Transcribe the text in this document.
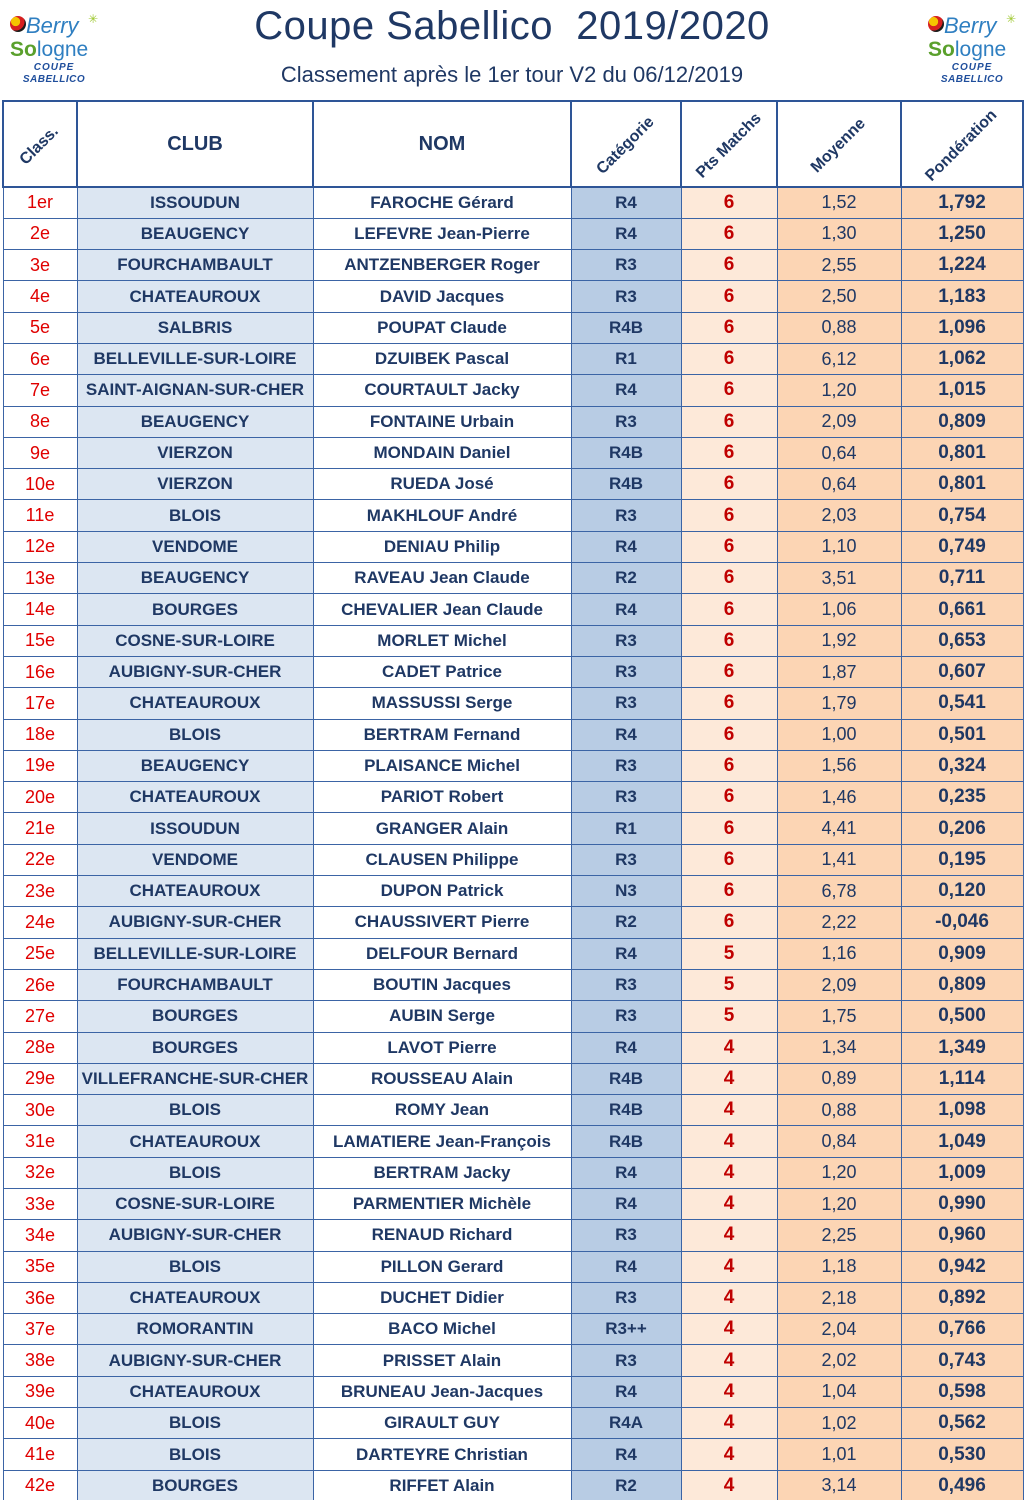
Berry ✳
Sologne
COUPE
SABELLICO
Coupe Sabellico  2019/2020
Classement après le 1er tour V2 du 06/12/2019
Berry ✳
Sologne
COUPE
SABELLICO
Class.	CLUB	NOM	Catégorie	Pts Matchs	Moyenne	Pondération
1er	ISSOUDUN	FAROCHE Gérard	R4	6	1,52	1,792
2e	BEAUGENCY	LEFEVRE Jean-Pierre	R4	6	1,30	1,250
3e	FOURCHAMBAULT	ANTZENBERGER Roger	R3	6	2,55	1,224
4e	CHATEAUROUX	DAVID Jacques	R3	6	2,50	1,183
5e	SALBRIS	POUPAT Claude	R4B	6	0,88	1,096
6e	BELLEVILLE-SUR-LOIRE	DZUIBEK Pascal	R1	6	6,12	1,062
7e	SAINT-AIGNAN-SUR-CHER	COURTAULT Jacky	R4	6	1,20	1,015
8e	BEAUGENCY	FONTAINE Urbain	R3	6	2,09	0,809
9e	VIERZON	MONDAIN Daniel	R4B	6	0,64	0,801
10e	VIERZON	RUEDA José	R4B	6	0,64	0,801
11e	BLOIS	MAKHLOUF André	R3	6	2,03	0,754
12e	VENDOME	DENIAU Philip	R4	6	1,10	0,749
13e	BEAUGENCY	RAVEAU Jean Claude	R2	6	3,51	0,711
14e	BOURGES	CHEVALIER Jean Claude	R4	6	1,06	0,661
15e	COSNE-SUR-LOIRE	MORLET Michel	R3	6	1,92	0,653
16e	AUBIGNY-SUR-CHER	CADET Patrice	R3	6	1,87	0,607
17e	CHATEAUROUX	MASSUSSI Serge	R3	6	1,79	0,541
18e	BLOIS	BERTRAM Fernand	R4	6	1,00	0,501
19e	BEAUGENCY	PLAISANCE Michel	R3	6	1,56	0,324
20e	CHATEAUROUX	PARIOT Robert	R3	6	1,46	0,235
21e	ISSOUDUN	GRANGER Alain	R1	6	4,41	0,206
22e	VENDOME	CLAUSEN Philippe	R3	6	1,41	0,195
23e	CHATEAUROUX	DUPON Patrick	N3	6	6,78	0,120
24e	AUBIGNY-SUR-CHER	CHAUSSIVERT Pierre	R2	6	2,22	-0,046
25e	BELLEVILLE-SUR-LOIRE	DELFOUR Bernard	R4	5	1,16	0,909
26e	FOURCHAMBAULT	BOUTIN Jacques	R3	5	2,09	0,809
27e	BOURGES	AUBIN Serge	R3	5	1,75	0,500
28e	BOURGES	LAVOT Pierre	R4	4	1,34	1,349
29e	VILLEFRANCHE-SUR-CHER	ROUSSEAU Alain	R4B	4	0,89	1,114
30e	BLOIS	ROMY Jean	R4B	4	0,88	1,098
31e	CHATEAUROUX	LAMATIERE Jean-François	R4B	4	0,84	1,049
32e	BLOIS	BERTRAM Jacky	R4	4	1,20	1,009
33e	COSNE-SUR-LOIRE	PARMENTIER Michèle	R4	4	1,20	0,990
34e	AUBIGNY-SUR-CHER	RENAUD Richard	R3	4	2,25	0,960
35e	BLOIS	PILLON Gerard	R4	4	1,18	0,942
36e	CHATEAUROUX	DUCHET Didier	R3	4	2,18	0,892
37e	ROMORANTIN	BACO Michel	R3++	4	2,04	0,766
38e	AUBIGNY-SUR-CHER	PRISSET Alain	R3	4	2,02	0,743
39e	CHATEAUROUX	BRUNEAU Jean-Jacques	R4	4	1,04	0,598
40e	BLOIS	GIRAULT GUY	R4A	4	1,02	0,562
41e	BLOIS	DARTEYRE Christian	R4	4	1,01	0,530
42e	BOURGES	RIFFET Alain	R2	4	3,14	0,496
